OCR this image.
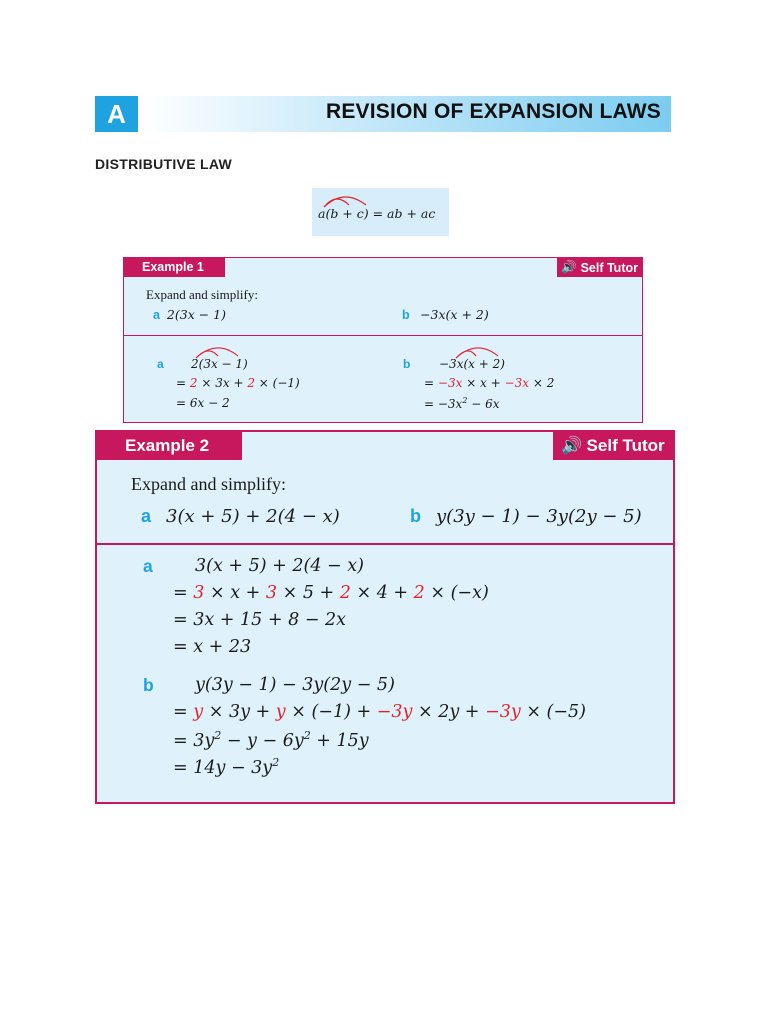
A	REVISION OF EXPANSION LAWS
DISTRIBUTIVE LAW
a(b + c) = ab + ac
Example 1	🔊 Self Tutor
Expand and simplify:
a 2(3x − 1)	b −3x(x + 2)
a 2(3x − 1)
= 2 × 3x + 2 × (−1)
= 6x − 2
b −3x(x + 2)
= −3x × x + −3x × 2
= $-3x^2 - 6x$
Example 2	🔊 Self Tutor
Expand and simplify:
a 3(x + 5) + 2(4 − x)	b y(3y − 1) − 3y(2y − 5)
a 3(x + 5) + 2(4 − x)
= 3 × x + 3 × 5 + 2 × 4 + 2 × (−x)
= 3x + 15 + 8 − 2x
= x + 23
b y(3y − 1) − 3y(2y − 5)
= y × 3y + y × (−1) + −3y × 2y + −3y × (−5)
= $3y^2 - y - 6y^2 + 15y$
= $14y - 3y^2$
